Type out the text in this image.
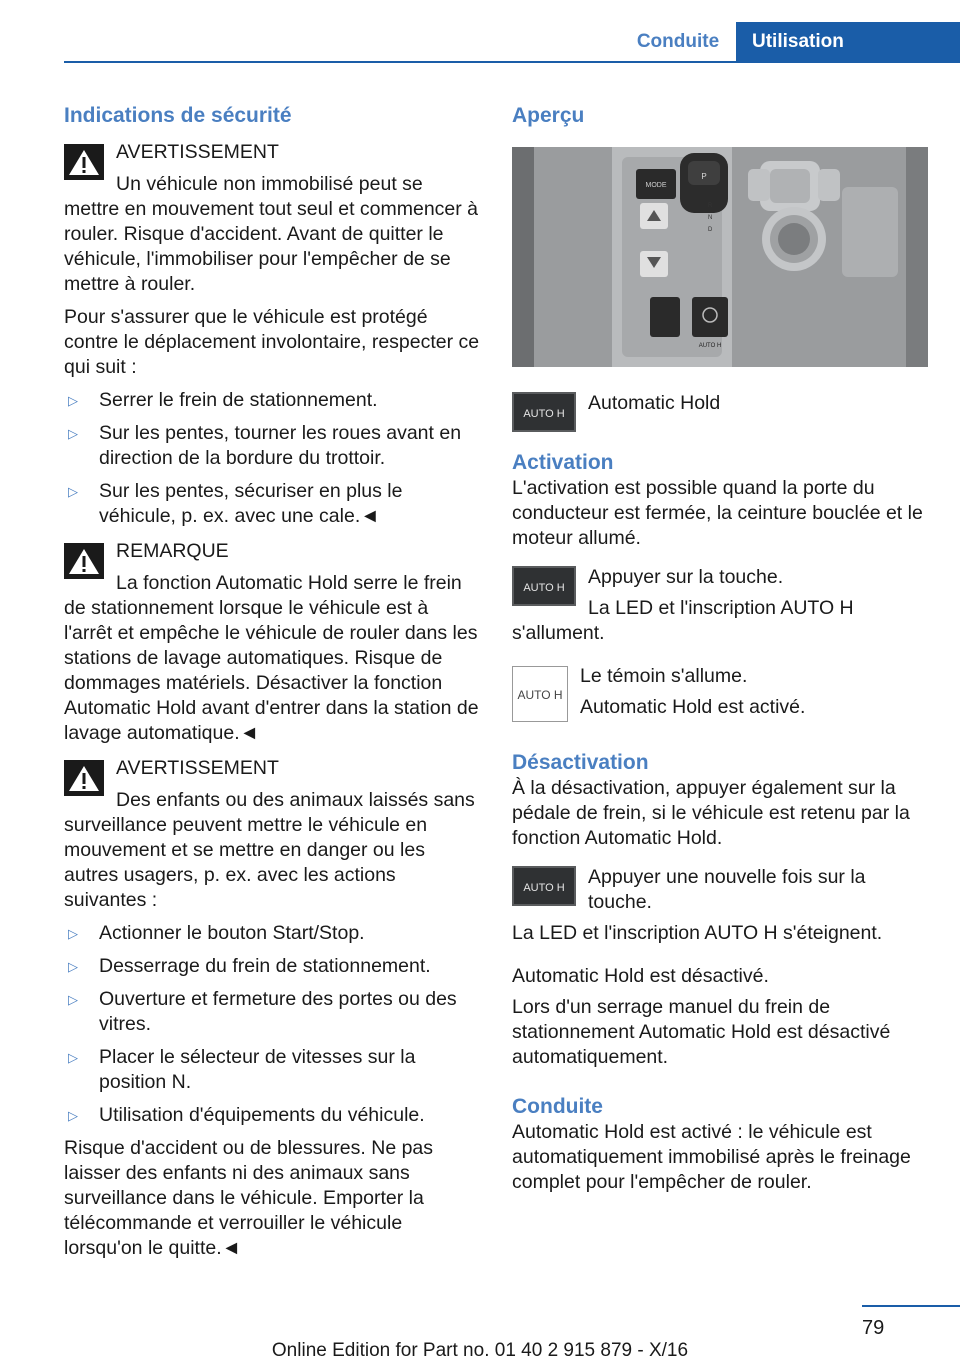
Conduite	Utilisation
Indications de sécurité

AVERTISSEMENT

Un véhicule non immobilisé peut se mettre en mouvement tout seul et commencer à rouler. Risque d'accident. Avant de quitter le véhicule, l'immobiliser pour l'empêcher de se mettre à rouler.

Pour s'assurer que le véhicule est protégé contre le déplacement involontaire, respecter ce qui suit :

▷ Serrer le frein de stationnement.
▷ Sur les pentes, tourner les roues avant en direction de la bordure du trottoir.
▷ Sur les pentes, sécuriser en plus le véhicule, p. ex. avec une cale.◄

REMARQUE

La fonction Automatic Hold serre le frein de stationnement lorsque le véhicule est à l'arrêt et empêche le véhicule de rouler dans les stations de lavage automatiques. Risque de dommages matériels. Désactiver la fonction Automatic Hold avant d'entrer dans la station de lavage automatique.◄

AVERTISSEMENT

Des enfants ou des animaux laissés sans surveillance peuvent mettre le véhicule en mouvement et se mettre en danger ou les autres usagers, p. ex. avec les actions suivantes :

▷ Actionner le bouton Start/Stop.
▷ Desserrage du frein de stationnement.
▷ Ouverture et fermeture des portes ou des vitres.
▷ Placer le sélecteur de vitesses sur la position N.
▷ Utilisation d'équipements du véhicule.

Risque d'accident ou de blessures. Ne pas laisser des enfants ni des animaux sans surveillance dans le véhicule. Emporter la télécommande et verrouiller le véhicule lorsqu'on le quitte.◄

Aperçu
MODE
P
R
N
D
AUTO H
AUTO H	Automatic Hold

Activation

L'activation est possible quand la porte du conducteur est fermée, la ceinture bouclée et le moteur allumé.

AUTO H	Appuyer sur la touche.

La LED et l'inscription AUTO H s'allument.

AUTO H

Le témoin s'allume.

Automatic Hold est activé.

Désactivation

À la désactivation, appuyer également sur la pédale de frein, si le véhicule est retenu par la fonction Automatic Hold.

AUTO H	Appuyer une nouvelle fois sur la touche.

La LED et l'inscription AUTO H s'éteignent.

Automatic Hold est désactivé.

Lors d'un serrage manuel du frein de stationnement Automatic Hold est désactivé automatiquement.

Conduite

Automatic Hold est activé : le véhicule est automatiquement immobilisé après le freinage complet pour l'empêcher de rouler.

79
Online Edition for Part no. 01 40 2 915 879 - X/16
